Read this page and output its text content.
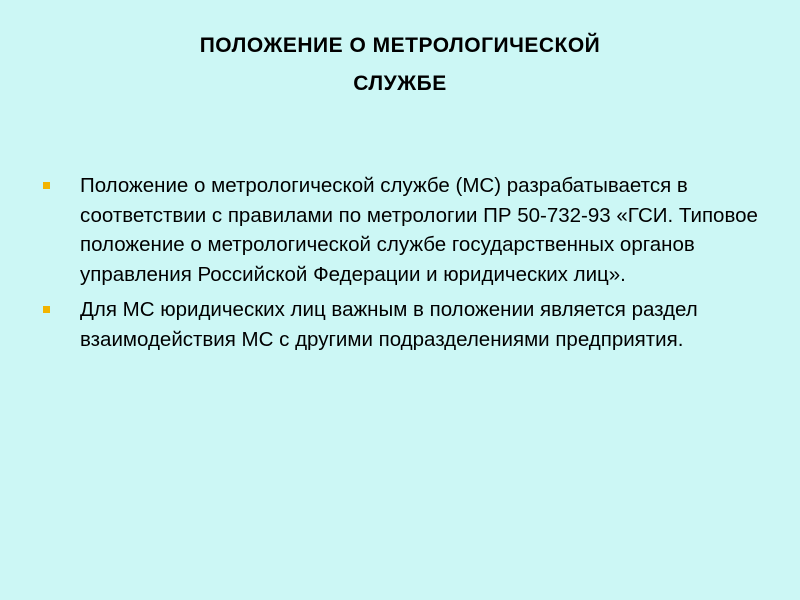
ПОЛОЖЕНИЕ О МЕТРОЛОГИЧЕСКОЙ
СЛУЖБЕ
Положение о метрологической службе (МС) разрабатывается в соответствии с правилами по метрологии ПР 50-732-93 «ГСИ. Типовое положение о метрологической службе государственных органов управления Российской Федерации и юридических лиц».
Для МС юридических лиц важным в положении является раздел взаимодействия МС с другими подразделениями предприятия.
